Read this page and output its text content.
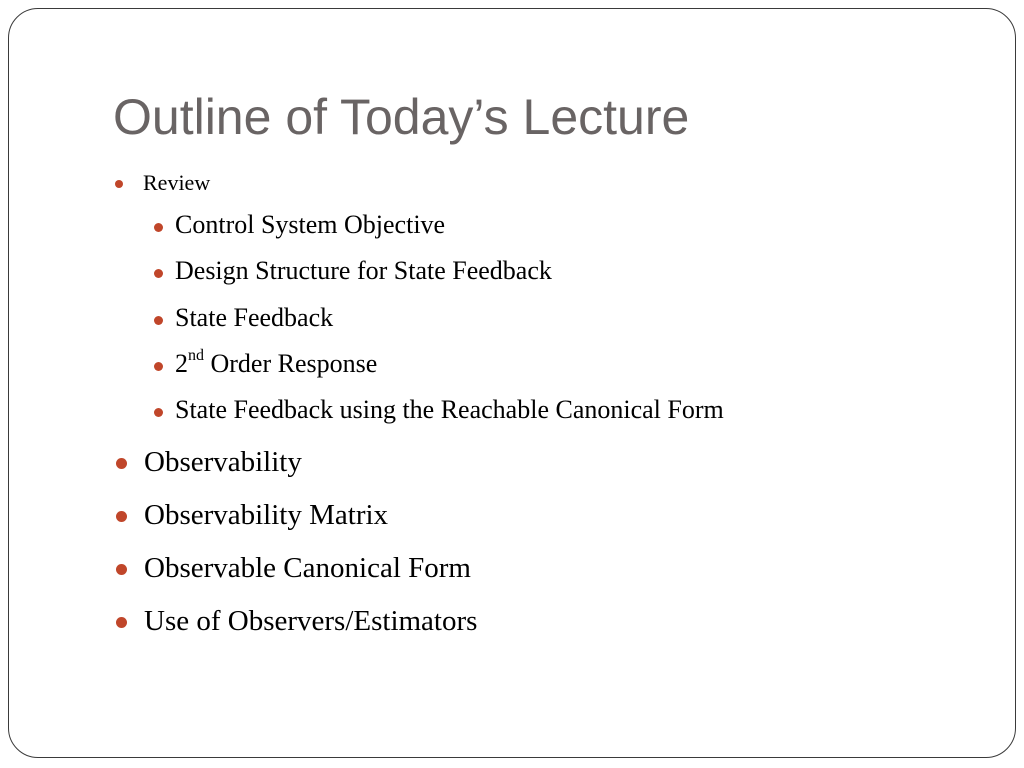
Outline of Today’s Lecture
Review
Control System Objective
Design Structure for State Feedback
State Feedback
2nd Order Response
State Feedback using the Reachable Canonical Form
Observability
Observability Matrix
Observable Canonical Form
Use of Observers/Estimators
